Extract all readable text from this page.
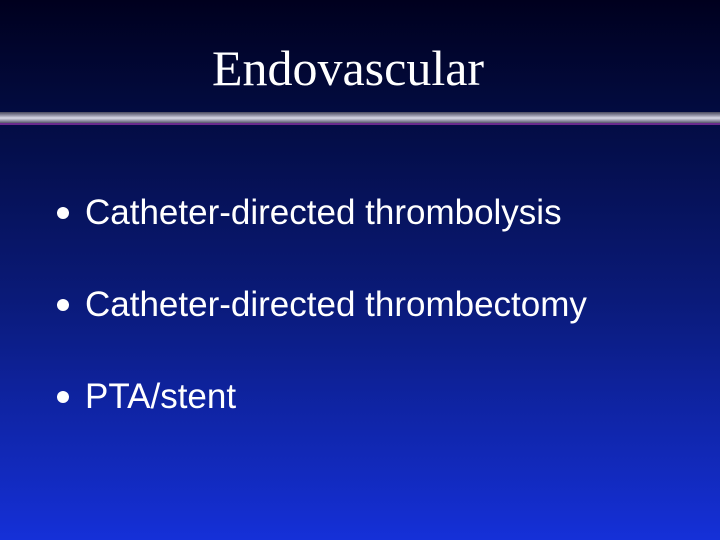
Endovascular
Catheter-directed thrombolysis
Catheter-directed thrombectomy
PTA/stent
